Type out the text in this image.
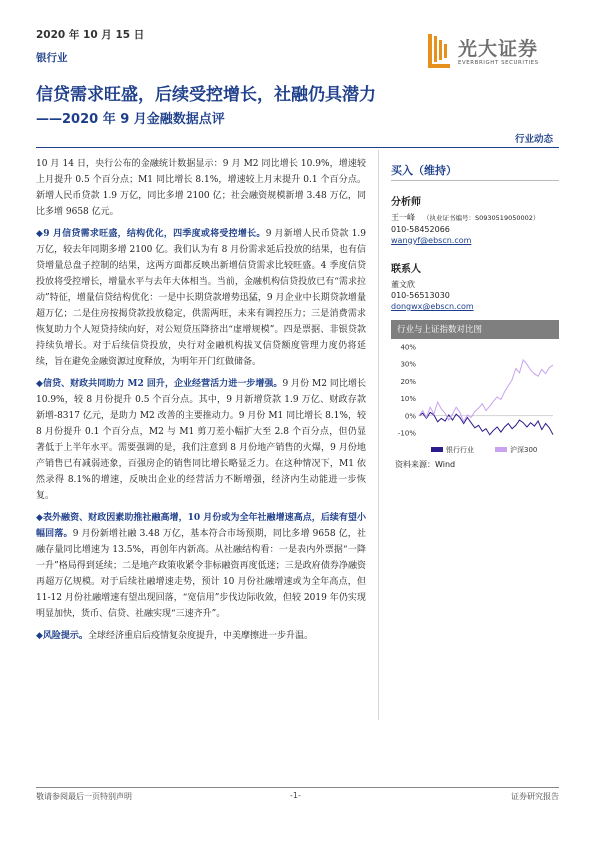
2020 年 10 月 15 日
银行业	光大证券
EVERBRIGHT SECURITIES
信贷需求旺盛，后续受控增长，社融仍具潜力
——2020 年 9 月金融数据点评
行业动态

10 月 14 日，央行公布的金融统计数据显示：9 月 M2 同比增长 10.9%，增速较上月提升 0.5 个百分点；M1 同比增长 8.1%，增速较上月末提升 0.1 个百分点。新增人民币贷款 1.9 万亿，同比多增 2100 亿；社会融资规模新增 3.48 万亿，同比多增 9658 亿元。

◆9 月信贷需求旺盛，结构优化，四季度或将受控增长。9 月新增人民币贷款 1.9 万亿，较去年同期多增 2100 亿。我们认为有 8 月份需求延后投放的结果，也有信贷增量总盘子控制的结果，这两方面都反映出新增信贷需求比较旺盛。4 季度信贷投放将受控增长，增量水平与去年大体相当。当前，金融机构信贷投放已有“需求拉动”特征，增量信贷结构优化：一是中长期贷款增势迅猛，9 月企业中长期贷款增量超万亿；二是住房按揭贷款投放稳定，供需两旺，未来有调控压力；三是消费需求恢复助力个人短贷持续向好，对公短贷压降挤出“虚增规模”。四是票据、非银贷款持续负增长。对于后续信贷投放，央行对金融机构拔叉信贷额度管理力度仍将延续，旨在避免金融资源过度释放，为明年开门红做储备。

◆信贷、财政共同助力 M2 回升，企业经营活力进一步增强。9 月份 M2 同比增长 10.9%，较 8 月份提升 0.5 个百分点。其中，9 月新增贷款 1.9 万亿、财政存款新增-8317 亿元，是助力 M2 改善的主要推动力。9 月份 M1 同比增长 8.1%，较 8 月份提升 0.1 个百分点，M2 与 M1 剪刀差小幅扩大至 2.8 个百分点，但仍显著低于上半年水平。需要强调的是，我们注意到 8 月份地产销售的火爆，9 月份地产销售已有减弱迹象，百强房企的销售同比增长略显乏力。在这种情况下，M1 依然录得 8.1%的增速，反映出企业的经营活力不断增强，经济内生动能进一步恢复。

◆表外融资、财政因素助推社融高增，10 月份或为全年社融增速高点，后续有望小幅回落。9 月份新增社融 3.48 万亿，基本符合市场预期，同比多增 9658 亿，社融存量同比增速为 13.5%，再创年内新高。从社融结构看：一是表内外票据“一降一升”格局得到延续；二是地产政策收紧令非标融资再度低迷；三是政府债券净融资再超万亿规模。对于后续社融增速走势，预计 10 月份社融增速或为全年高点，但 11-12 月份社融增速有望出现回落，“宽信用”步伐边际收敛，但较 2019 年仍实现明显加快，货币、信贷、社融实现“三速齐升”。

◆风险提示。全球经济重启后疫情复杂度提升，中美摩擦进一步升温。

买入（维持）
分析师
王一峰 （执业证书编号：S0930519050002）
010-58452066
wangyf@ebscn.com
联系人
董文欣
010-56513030
dongwx@ebscn.com
行业与上证指数对比图
40%
30%
20%
10%
0%
-10%
银行行业	沪深300
资料来源：Wind
敬请参阅最后一页特别声明	-1-	证券研究报告
